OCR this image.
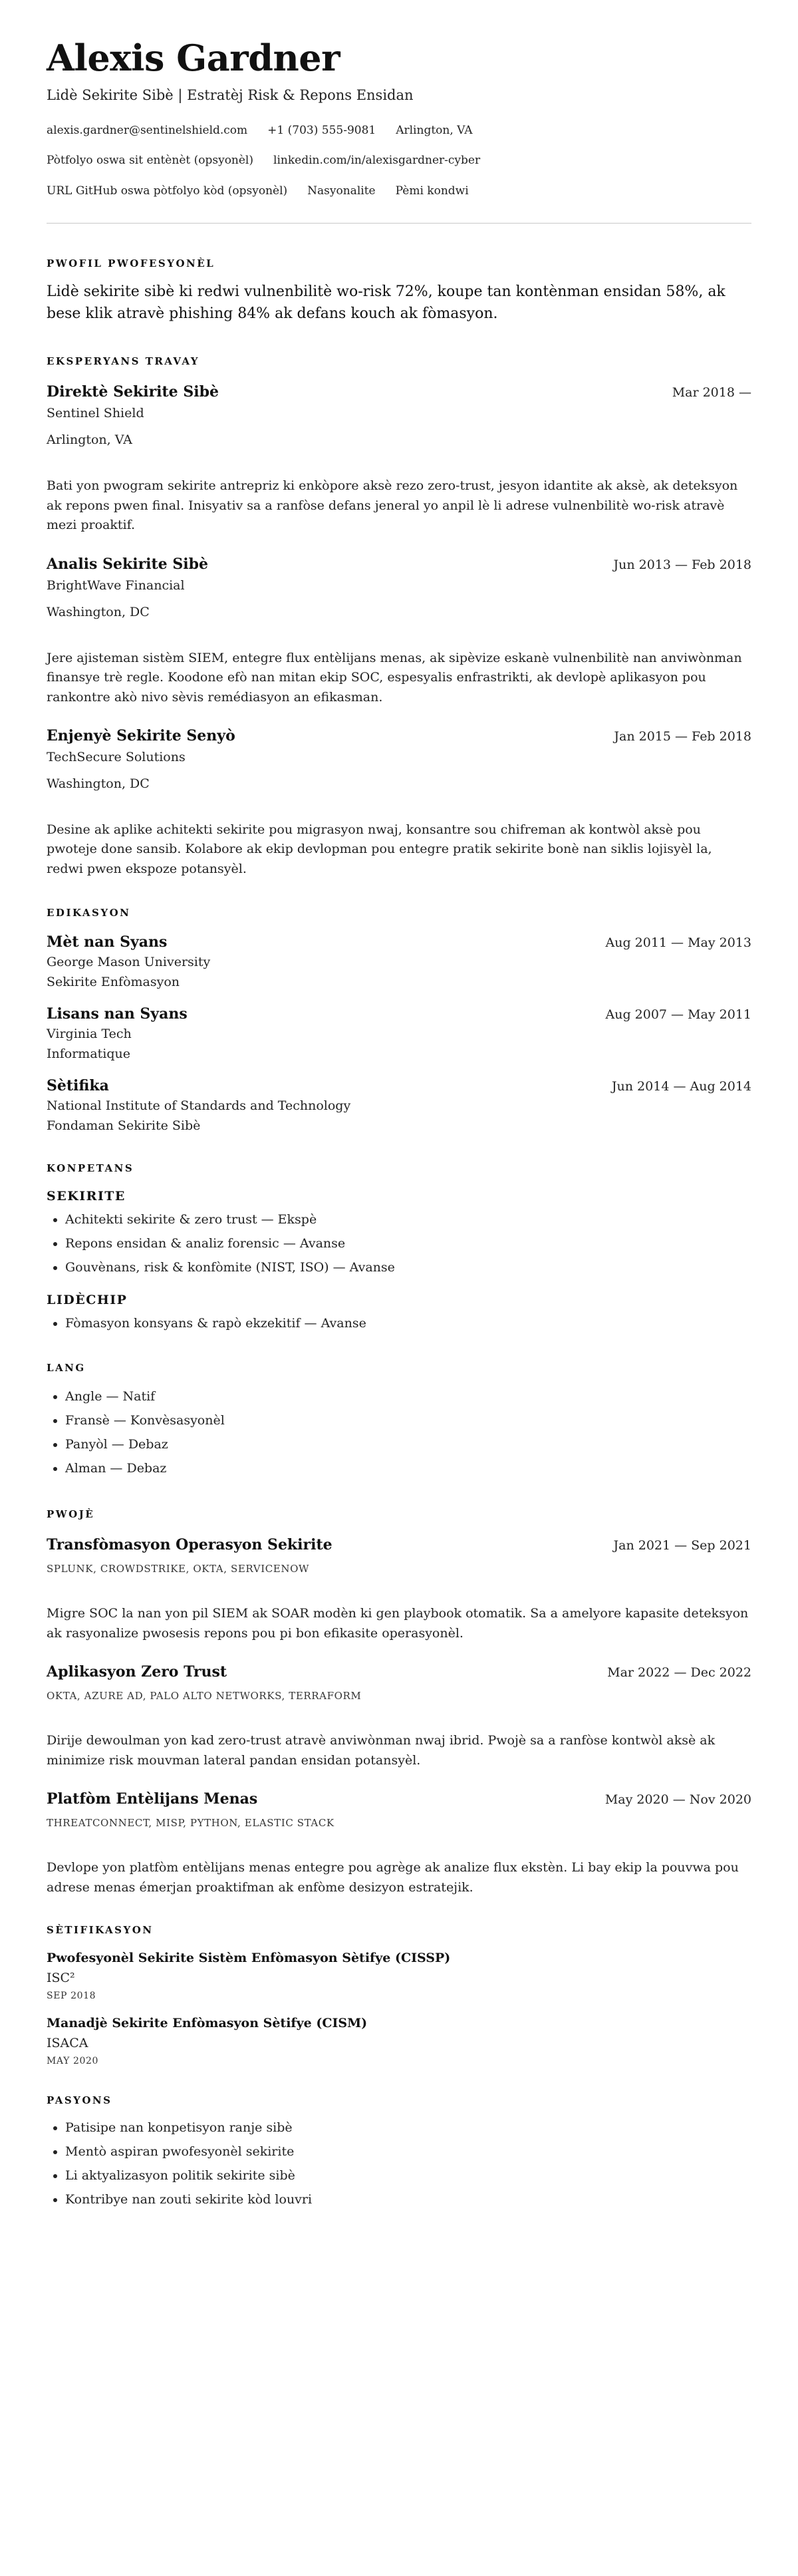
Alexis Gardner
Lidè Sekirite Sibè | Estratèj Risk & Repons Ensidan
alexis.gardner@sentinelshield.com +1 (703) 555-9081 Arlington, VA
Pòtfolyo oswa sit entènèt (opsyonèl) linkedin.com/in/alexisgardner-cyber
URL GitHub oswa pòtfolyo kòd (opsyonèl) Nasyonalite Pèmi kondwi
PWOFIL PWOFESYONÈL
Lidè sekirite sibè ki redwi vulnenbilitè wo-risk 72%, koupe tan kontènman ensidan 58%, ak bese klik atravè phishing 84% ak defans kouch ak fòmasyon.
EKSPERYANS TRAVAY
Direktè Sekirite Sibè	Mar 2018 —
Sentinel Shield
Arlington, VA
Bati yon pwogram sekirite antrepriz ki enkòpore aksè rezo zero-trust, jesyon idantite ak aksè, ak deteksyon ak repons pwen final. Inisyativ sa a ranfòse defans jeneral yo anpil lè li adrese vulnenbilitè wo-risk atravè mezi proaktif.
Analis Sekirite Sibè	Jun 2013 — Feb 2018
BrightWave Financial
Washington, DC
Jere ajisteman sistèm SIEM, entegre flux entèlijans menas, ak sipèvize eskanè vulnenbilitè nan anviwònman finansye trè regle. Koodone efò nan mitan ekip SOC, espesyalis enfrastrikti, ak devlopè aplikasyon pou rankontre akò nivo sèvis remédiasyon an efikasman.
Enjenyè Sekirite Senyò	Jan 2015 — Feb 2018
TechSecure Solutions
Washington, DC
Desine ak aplike achitekti sekirite pou migrasyon nwaj, konsantre sou chifreman ak kontwòl aksè pou pwoteje done sansib. Kolabore ak ekip devlopman pou entegre pratik sekirite bonè nan siklis lojisyèl la, redwi pwen ekspoze potansyèl.
EDIKASYON
Mèt nan Syans	Aug 2011 — May 2013
George Mason University
Sekirite Enfòmasyon
Lisans nan Syans	Aug 2007 — May 2011
Virginia Tech
Informatique
Sètifika	Jun 2014 — Aug 2014
National Institute of Standards and Technology
Fondaman Sekirite Sibè
KONPETANS
SEKIRITE
• Achitekti sekirite & zero trust — Ekspè
• Repons ensidan & analiz forensic — Avanse
• Gouvènans, risk & konfòmite (NIST, ISO) — Avanse
LIDÈCHIP
• Fòmasyon konsyans & rapò ekzekitif — Avanse
LANG
• Angle — Natif
• Fransè — Konvèsasyonèl
• Panyòl — Debaz
• Alman — Debaz
PWOJÈ
Transfòmasyon Operasyon Sekirite	Jan 2021 — Sep 2021
SPLUNK, CROWDSTRIKE, OKTA, SERVICENOW
Migre SOC la nan yon pil SIEM ak SOAR modèn ki gen playbook otomatik. Sa a amelyore kapasite deteksyon ak rasyonalize pwosesis repons pou pi bon efikasite operasyonèl.
Aplikasyon Zero Trust	Mar 2022 — Dec 2022
OKTA, AZURE AD, PALO ALTO NETWORKS, TERRAFORM
Dirije dewoulman yon kad zero-trust atravè anviwònman nwaj ibrid. Pwojè sa a ranfòse kontwòl aksè ak minimize risk mouvman lateral pandan ensidan potansyèl.
Platfòm Entèlijans Menas	May 2020 — Nov 2020
THREATCONNECT, MISP, PYTHON, ELASTIC STACK
Devlope yon platfòm entèlijans menas entegre pou agrège ak analize flux ekstèn. Li bay ekip la pouvwa pou adrese menas émerjan proaktifman ak enfòme desizyon estratejik.
SÈTIFIKASYON
Pwofesyonèl Sekirite Sistèm Enfòmasyon Sètifye (CISSP)
ISC²
SEP 2018
Manadjè Sekirite Enfòmasyon Sètifye (CISM)
ISACA
MAY 2020
PASYONS
• Patisipe nan konpetisyon ranje sibè
• Mentò aspiran pwofesyonèl sekirite
• Li aktyalizasyon politik sekirite sibè
• Kontribye nan zouti sekirite kòd louvri
